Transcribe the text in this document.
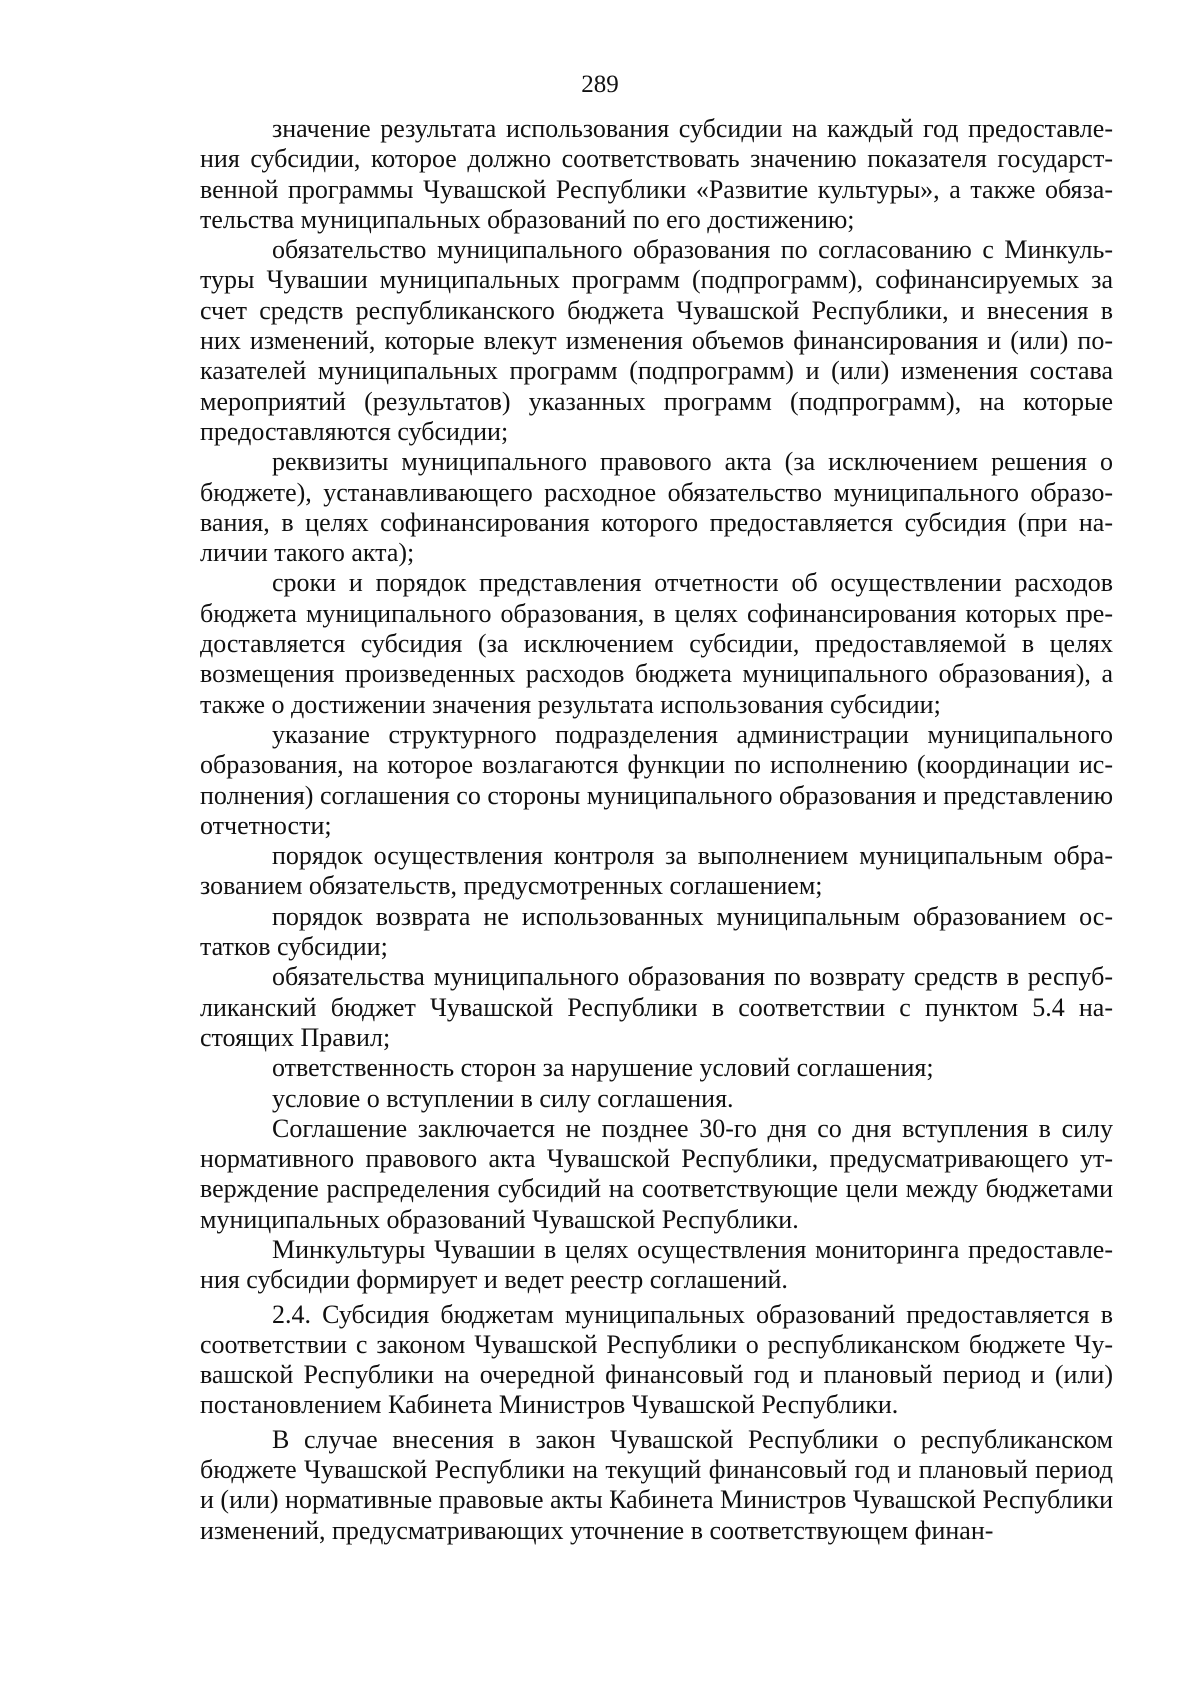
289

значение результата использования субсидии на каждый год предоставления субсидии, которое должно соответствовать значению показателя государственной программы Чувашской Республики «Развитие культуры», а также обязательства муниципальных образований по его достижению;

обязательство муниципального образования по согласованию с Минкультуры Чувашии муниципальных программ (подпрограмм), софинансируемых за счет средств республиканского бюджета Чувашской Республики, и внесения в них изменений, которые влекут изменения объемов финансирования и (или) показателей муниципальных программ (подпрограмм) и (или) изменения состава мероприятий (результатов) указанных программ (подпрограмм), на которые предоставляются субсидии;

реквизиты муниципального правового акта (за исключением решения о бюджете), устанавливающего расходное обязательство муниципального образования, в целях софинансирования которого предоставляется субсидия (при наличии такого акта);

сроки и порядок представления отчетности об осуществлении расходов бюджета муниципального образования, в целях софинансирования которых предоставляется субсидия (за исключением субсидии, предоставляемой в целях возмещения произведенных расходов бюджета муниципального образования), а также о достижении значения результата использования субсидии;

указание структурного подразделения администрации муниципального образования, на которое возлагаются функции по исполнению (координации исполнения) соглашения со стороны муниципального образования и представлению отчетности;

порядок осуществления контроля за выполнением муниципальным образованием обязательств, предусмотренных соглашением;

порядок возврата не использованных муниципальным образованием остатков субсидии;

обязательства муниципального образования по возврату средств в республиканский бюджет Чувашской Республики в соответствии с пунктом 5.4 настоящих Правил;

ответственность сторон за нарушение условий соглашения;

условие о вступлении в силу соглашения.

Соглашение заключается не позднее 30-го дня со дня вступления в силу нормативного правового акта Чувашской Республики, предусматривающего утверждение распределения субсидий на соответствующие цели между бюджетами муниципальных образований Чувашской Республики.

Минкультуры Чувашии в целях осуществления мониторинга предоставления субсидии формирует и ведет реестр соглашений.

2.4. Субсидия бюджетам муниципальных образований предоставляется в соответствии с законом Чувашской Республики о республиканском бюджете Чувашской Республики на очередной финансовый год и плановый период и (или) постановлением Кабинета Министров Чувашской Республики.

В случае внесения в закон Чувашской Республики о республиканском бюджете Чувашской Республики на текущий финансовый год и плановый период и (или) нормативные правовые акты Кабинета Министров Чувашской Республики изменений, предусматривающих уточнение в соответствующем финан-
